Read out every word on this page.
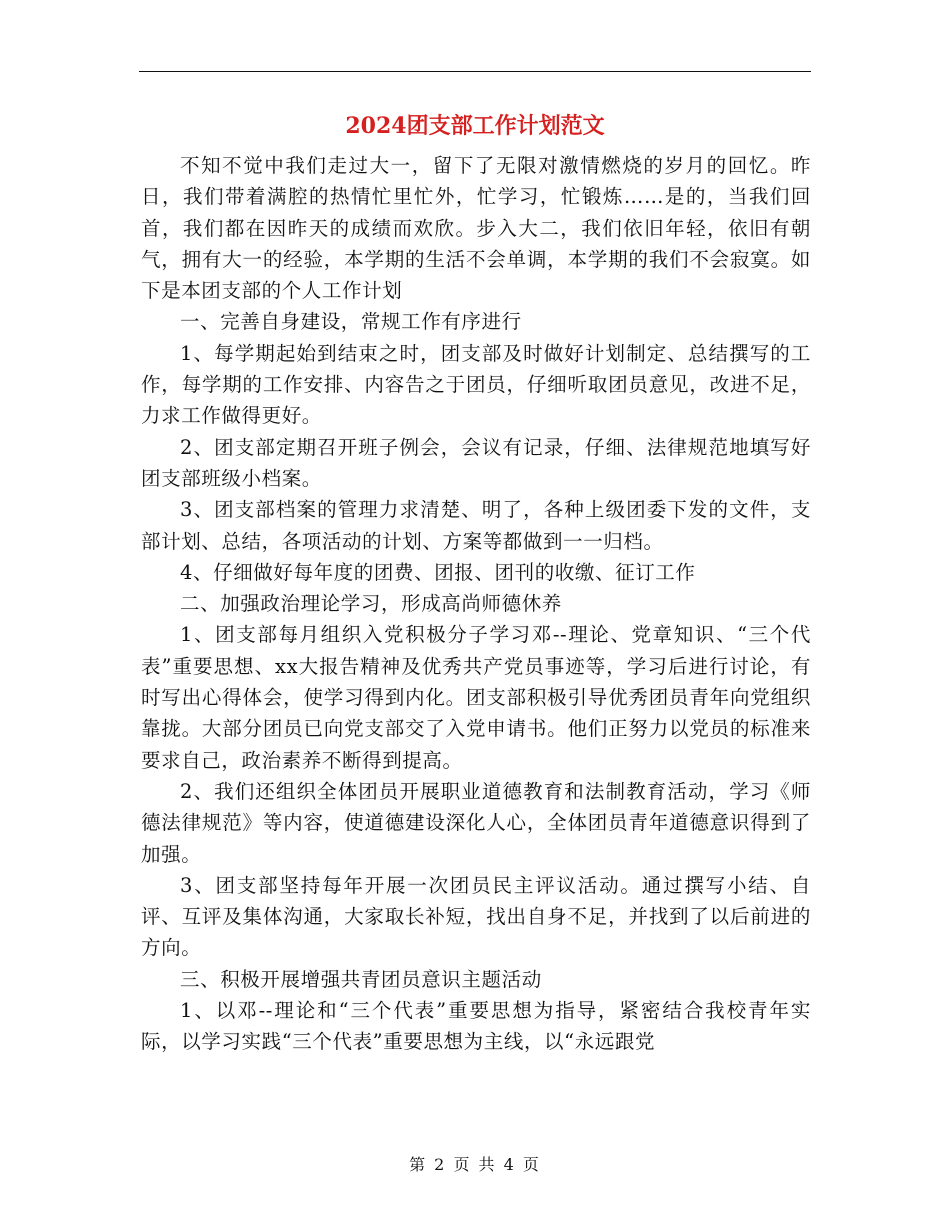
2024团支部工作计划范文

不知不觉中我们走过大一，留下了无限对激情燃烧的岁月的回忆。昨日，我们带着满腔的热情忙里忙外，忙学习，忙锻炼……是的，当我们回首，我们都在因昨天的成绩而欢欣。步入大二，我们依旧年轻，依旧有朝气，拥有大一的经验，本学期的生活不会单调，本学期的我们不会寂寞。如下是本团支部的个人工作计划

一、完善自身建设，常规工作有序进行

1、每学期起始到结束之时，团支部及时做好计划制定、总结撰写的工作，每学期的工作安排、内容告之于团员，仔细听取团员意见，改进不足，力求工作做得更好。

2、团支部定期召开班子例会，会议有记录，仔细、法律规范地填写好团支部班级小档案。

3、团支部档案的管理力求清楚、明了，各种上级团委下发的文件，支部计划、总结，各项活动的计划、方案等都做到一一归档。

4、仔细做好每年度的团费、团报、团刊的收缴、征订工作

二、加强政治理论学习，形成高尚师德休养

1、团支部每月组织入党积极分子学习邓--理论、党章知识、“三个代表”重要思想、xx大报告精神及优秀共产党员事迹等，学习后进行讨论，有时写出心得体会，使学习得到内化。团支部积极引导优秀团员青年向党组织靠拢。大部分团员已向党支部交了入党申请书。他们正努力以党员的标准来要求自己，政治素养不断得到提高。

2、我们还组织全体团员开展职业道德教育和法制教育活动，学习《师德法律规范》等内容，使道德建设深化人心，全体团员青年道德意识得到了加强。

3、团支部坚持每年开展一次团员民主评议活动。通过撰写小结、自评、互评及集体沟通，大家取长补短，找出自身不足，并找到了以后前进的方向。

三、积极开展增强共青团员意识主题活动

1、以邓--理论和“三个代表”重要思想为指导，紧密结合我校青年实际，以学习实践“三个代表”重要思想为主线，以“永远跟党

第 2 页 共 4 页
